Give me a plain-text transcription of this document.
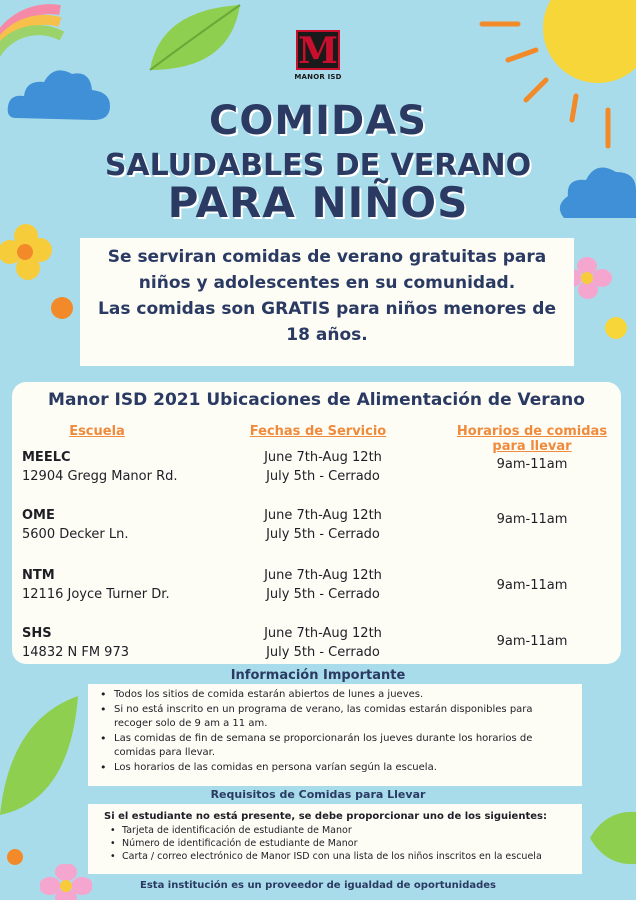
M
MANOR ISD
COMIDAS
SALUDABLES DE VERANO
PARA NIÑOS

Se serviran comidas de verano gratuitas para

niños y adolescentes en su comunidad.

Las comidas son GRATIS para niños menores de

18 años.

Manor ISD 2021 Ubicaciones de Alimentación de Verano
Escuela	Fechas de Servicio	Horarios de comidas para llevar
MEELC
12904 Gregg Manor Rd.
June 7th-Aug 12th
July 5th - Cerrado
9am-11am
OME
5600 Decker Ln.
June 7th-Aug 12th
July 5th - Cerrado
9am-11am
NTM
12116 Joyce Turner Dr.
June 7th-Aug 12th
July 5th - Cerrado
9am-11am
SHS
14832 N FM 973
June 7th-Aug 12th
July 5th - Cerrado
9am-11am
Información Importante
• Todos los sitios de comida estarán abiertos de lunes a jueves.
• Si no está inscrito en un programa de verano, las comidas estarán disponibles para recoger solo de 9 am a 11 am.
• Las comidas de fin de semana se proporcionarán los jueves durante los horarios de comidas para llevar.
• Los horarios de las comidas en persona varían según la escuela.
Requisitos de Comidas para Llevar
Si el estudiante no está presente, se debe proporcionar uno de los siguientes:
• Tarjeta de identificación de estudiante de Manor
• Número de identificación de estudiante de Manor
• Carta / correo electrónico de Manor ISD con una lista de los niños inscritos en la escuela
Esta institución es un proveedor de igualdad de oportunidades
